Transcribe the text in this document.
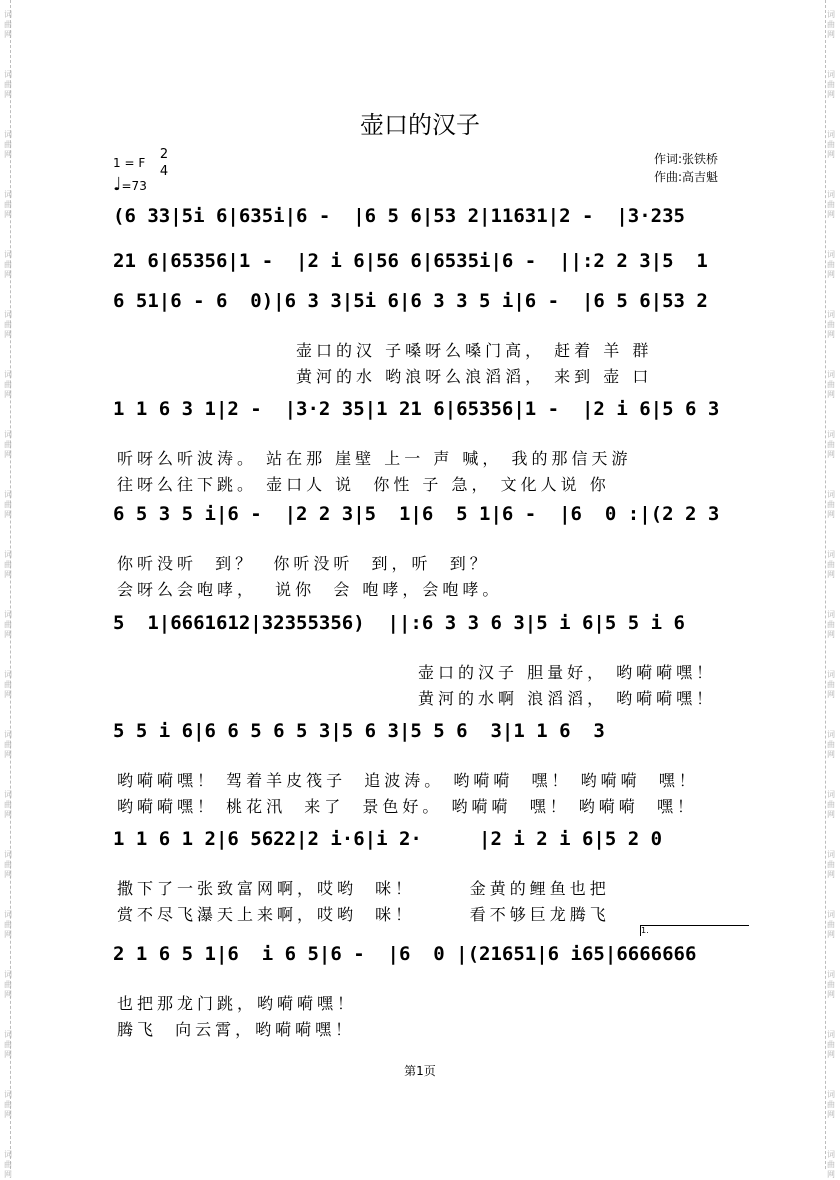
词曲网
词曲网
词曲网
词曲网
词曲网
词曲网
词曲网
词曲网
词曲网
词曲网
词曲网
词曲网
词曲网
词曲网
词曲网
词曲网
词曲网
词曲网
词曲网
词曲网
词曲网
词曲网
词曲网
词曲网
词曲网
词曲网
词曲网
词曲网
词曲网
词曲网
词曲网
词曲网
词曲网
词曲网
词曲网
词曲网
词曲网
词曲网
词曲网
词曲网
壶口的汉子
1 = F
2
4
♩=73
作词:张铁桥
作曲:高吉魁
(6 33|5i 6|635i|6 -  |6 5 6|53 2|11631|2 -  |3·235
21 6|65356|1 -  |2 i 6|56 6|6535i|6 -  ||:2 2 3|5  1
6 51|6 - 6  0)|6 3 3|5i 6|6 3 3 5 i|6 -  |6 5 6|53 2
壶口的汉 子嗓呀么嗓门高， 赶着 羊 群
黄河的水 哟浪呀么浪滔滔， 来到 壶 口
1 1 6 3 1|2 -  |3·2 35|1 21 6|65356|1 -  |2 i 6|5 6 3
听呀么听波涛。 站在那 崖壁 上一 声 喊， 我的那信天游
往呀么往下跳。 壶口人 说  你性 子 急， 文化人说 你
6 5 3 5 i|6 -  |2 2 3|5  1|6  5 1|6 -  |6  0 :|(2 2 3
你听没听  到？  你听没听  到，听  到？
会呀么会咆哮，  说你  会 咆哮，会咆哮。
5  1|6661612|32355356)  ||:6 3 3 6 3|5 i 6|5 5 i 6
壶口的汉子 胆量好， 哟嗬嗬嘿！
黄河的水啊 浪滔滔， 哟嗬嗬嘿！
5 5 i 6|6 6 5 6 5 3|5 6 3|5 5 6  3|1 1 6  3
哟嗬嗬嘿！ 驾着羊皮筏子  追波涛。 哟嗬嗬  嘿！ 哟嗬嗬  嘿！
哟嗬嗬嘿！ 桃花汛  来了  景色好。 哟嗬嗬  嘿！ 哟嗬嗬  嘿！
1 1 6 1 2|6 5622|2 i·6|i 2·     |2 i 2 i 6|5 2 0
撒下了一张致富网啊，哎哟  咪！      金黄的鲤鱼也把
赏不尽飞瀑天上来啊，哎哟  咪！      看不够巨龙腾飞
2 1 6 5 1|6  i 6 5|6 -  |6  0 |(21651|6 i65|6666666
也把那龙门跳，哟嗬嗬嘿！
腾飞  向云霄，哟嗬嗬嘿！
1.
第1页
